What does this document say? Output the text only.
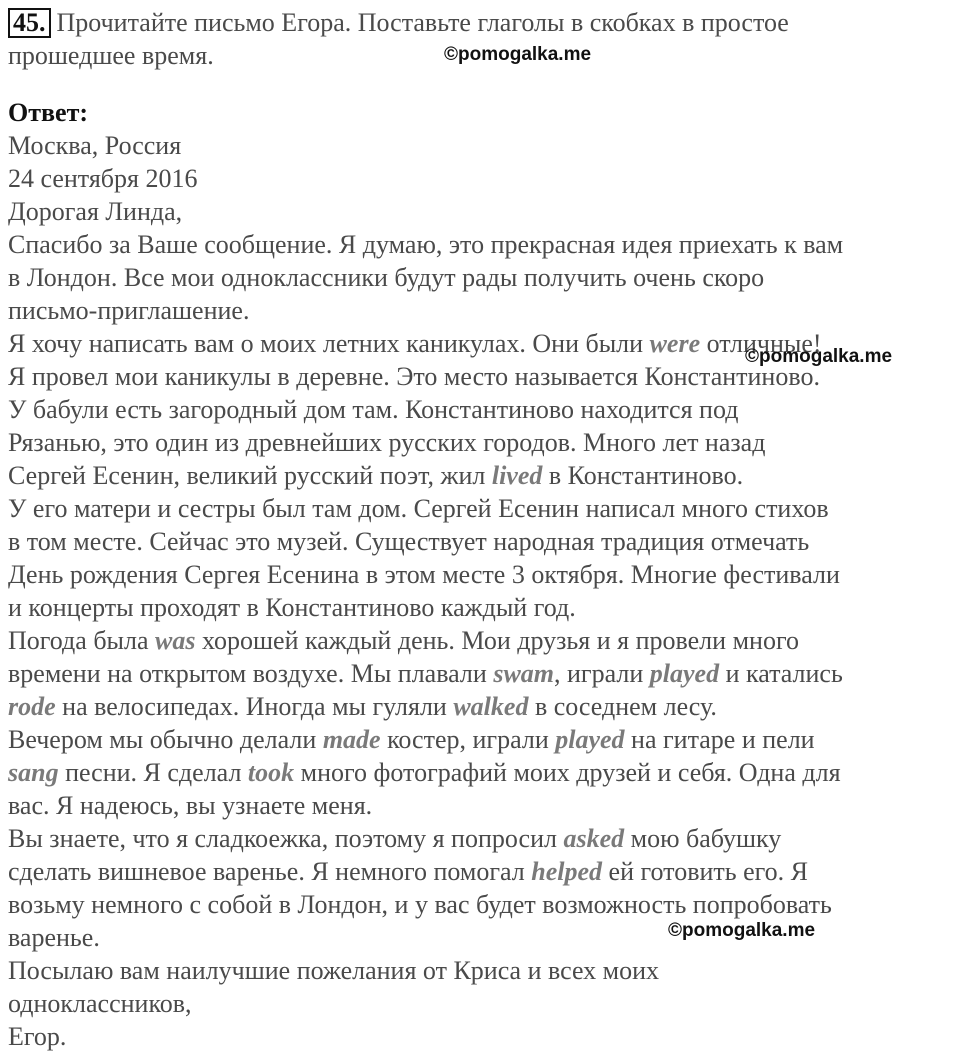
45. Прочитайте письмо Егора. Поставьте глаголы в скобках в простое
прошедшее время.
Ответ:
Москва, Россия
24 сентября 2016
Дорогая Линда,
Спасибо за Ваше сообщение. Я думаю, это прекрасная идея приехать к вам
в Лондон. Все мои одноклассники будут рады получить очень скоро
письмо-приглашение.
Я хочу написать вам о моих летних каникулах. Они были were отличные!
Я провел мои каникулы в деревне. Это место называется Константиново.
У бабули есть загородный дом там. Константиново находится под
Рязанью, это один из древнейших русских городов. Много лет назад
Сергей Есенин, великий русский поэт, жил lived в Константиново.
У его матери и сестры был там дом. Сергей Есенин написал много стихов
в том месте. Сейчас это музей. Существует народная традиция отмечать
День рождения Сергея Есенина в этом месте 3 октября. Многие фестивали
и концерты проходят в Константиново каждый год.
Погода была was хорошей каждый день. Мои друзья и я провели много
времени на открытом воздухе. Мы плавали swam, играли played и катались
rode на велосипедах. Иногда мы гуляли walked в соседнем лесу.
Вечером мы обычно делали made костер, играли played на гитаре и пели
sang песни. Я сделал took много фотографий моих друзей и себя. Одна для
вас. Я надеюсь, вы узнаете меня.
Вы знаете, что я сладкоежка, поэтому я попросил asked мою бабушку
сделать вишневое варенье. Я немного помогал helped ей готовить его. Я
возьму немного с собой в Лондон, и у вас будет возможность попробовать
варенье.
Посылаю вам наилучшие пожелания от Криса и всех моих
одноклассников,
Егор.
©pomogalka.me
©pomogalka.me
©pomogalka.me
